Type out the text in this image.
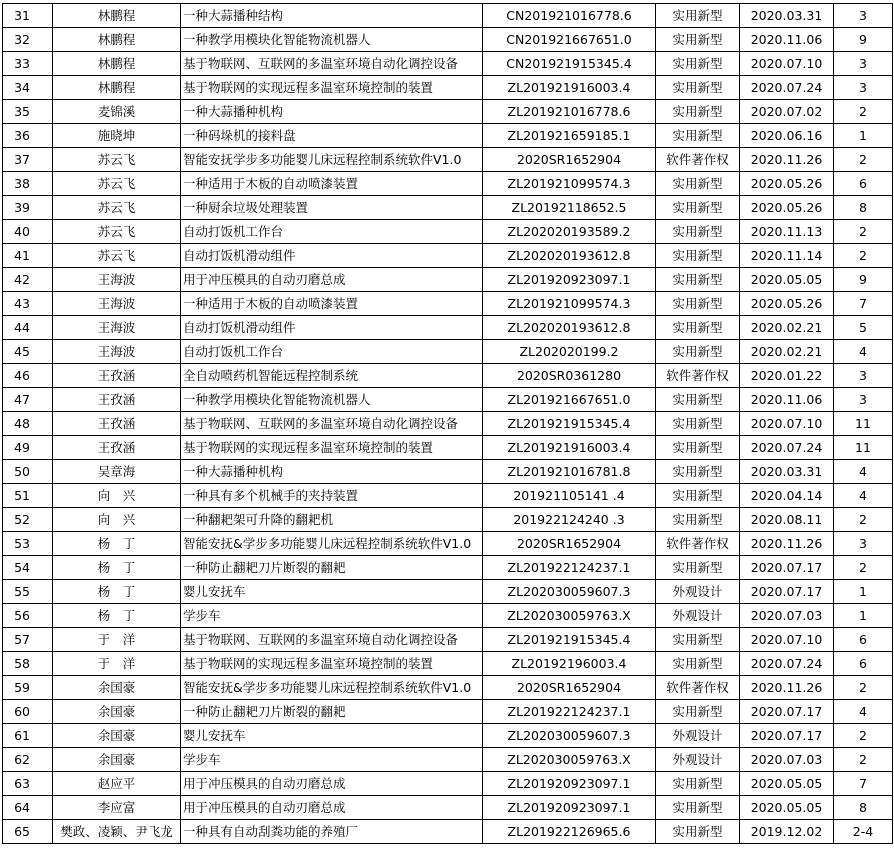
31	林鹏程	一种大蒜播种结构	CN201921016778.6	实用新型	2020.03.31	3
32	林鹏程	一种教学用模块化智能物流机器人	CN201921667651.0	实用新型	2020.11.06	9
33	林鹏程	基于物联网、互联网的多温室环境自动化调控设备	CN201921915345.4	实用新型	2020.07.10	3
34	林鹏程	基于物联网的实现远程多温室环境控制的装置	ZL201921916003.4	实用新型	2020.07.24	3
35	麦锦溪	一种大蒜播种机构	ZL201921016778.6	实用新型	2020.07.02	2
36	施晓坤	一种码垛机的接料盘	ZL201921659185.1	实用新型	2020.06.16	1
37	苏云飞	智能安抚学步多功能婴儿床远程控制系统软件V1.0	2020SR1652904	软件著作权	2020.11.26	2
38	苏云飞	一种适用于木板的自动喷漆装置	ZL201921099574.3	实用新型	2020.05.26	6
39	苏云飞	一种厨余垃圾处理装置	ZL20192118652.5	实用新型	2020.05.26	8
40	苏云飞	自动打饭机工作台	ZL202020193589.2	实用新型	2020.11.13	2
41	苏云飞	自动打饭机滑动组件	ZL202020193612.8	实用新型	2020.11.14	2
42	王海波	用于冲压模具的自动刃磨总成	ZL201920923097.1	实用新型	2020.05.05	9
43	王海波	一种适用于木板的自动喷漆装置	ZL201921099574.3	实用新型	2020.05.26	7
44	王海波	自动打饭机滑动组件	ZL202020193612.8	实用新型	2020.02.21	5
45	王海波	自动打饭机工作台	ZL202020199.2	实用新型	2020.02.21	4
46	王孜涵	全自动喷药机智能远程控制系统	2020SR0361280	软件著作权	2020.01.22	3
47	王孜涵	一种教学用模块化智能物流机器人	ZL201921667651.0	实用新型	2020.11.06	3
48	王孜涵	基于物联网、互联网的多温室环境自动化调控设备	ZL201921915345.4	实用新型	2020.07.10	11
49	王孜涵	基于物联网的实现远程多温室环境控制的装置	ZL201921916003.4	实用新型	2020.07.24	11
50	吴章海	一种大蒜播种机构	ZL201921016781.8	实用新型	2020.03.31	4
51	向　兴	一种具有多个机械手的夹持装置	201921105141 .4	实用新型	2020.04.14	4
52	向　兴	一种翻耙架可升降的翻耙机	201922124240 .3	实用新型	2020.08.11	2
53	杨　丁	智能安抚&学步多功能婴儿床远程控制系统软件V1.0	2020SR1652904	软件著作权	2020.11.26	3
54	杨　丁	一种防止翻耙刀片断裂的翻耙	ZL201922124237.1	实用新型	2020.07.17	2
55	杨　丁	婴儿安抚车	ZL202030059607.3	外观设计	2020.07.17	1
56	杨　丁	学步车	ZL202030059763.X	外观设计	2020.07.03	1
57	于　洋	基于物联网、互联网的多温室环境自动化调控设备	ZL201921915345.4	实用新型	2020.07.10	6
58	于　洋	基于物联网的实现远程多温室环境控制的装置	ZL20192196003.4	实用新型	2020.07.24	6
59	余国豪	智能安抚&学步多功能婴儿床远程控制系统软件V1.0	2020SR1652904	软件著作权	2020.11.26	2
60	余国豪	一种防止翻耙刀片断裂的翻耙	ZL201922124237.1	实用新型	2020.07.17	4
61	余国豪	婴儿安抚车	ZL202030059607.3	外观设计	2020.07.17	2
62	余国豪	学步车	ZL202030059763.X	外观设计	2020.07.03	2
63	赵应平	用于冲压模具的自动刃磨总成	ZL201920923097.1	实用新型	2020.05.05	7
64	李应富	用于冲压模具的自动刃磨总成	ZL201920923097.1	实用新型	2020.05.05	8
65	樊政、凌颖、尹飞龙	一种具有自动刮粪功能的养殖厂	ZL201922126965.6	实用新型	2019.12.02	2-4
